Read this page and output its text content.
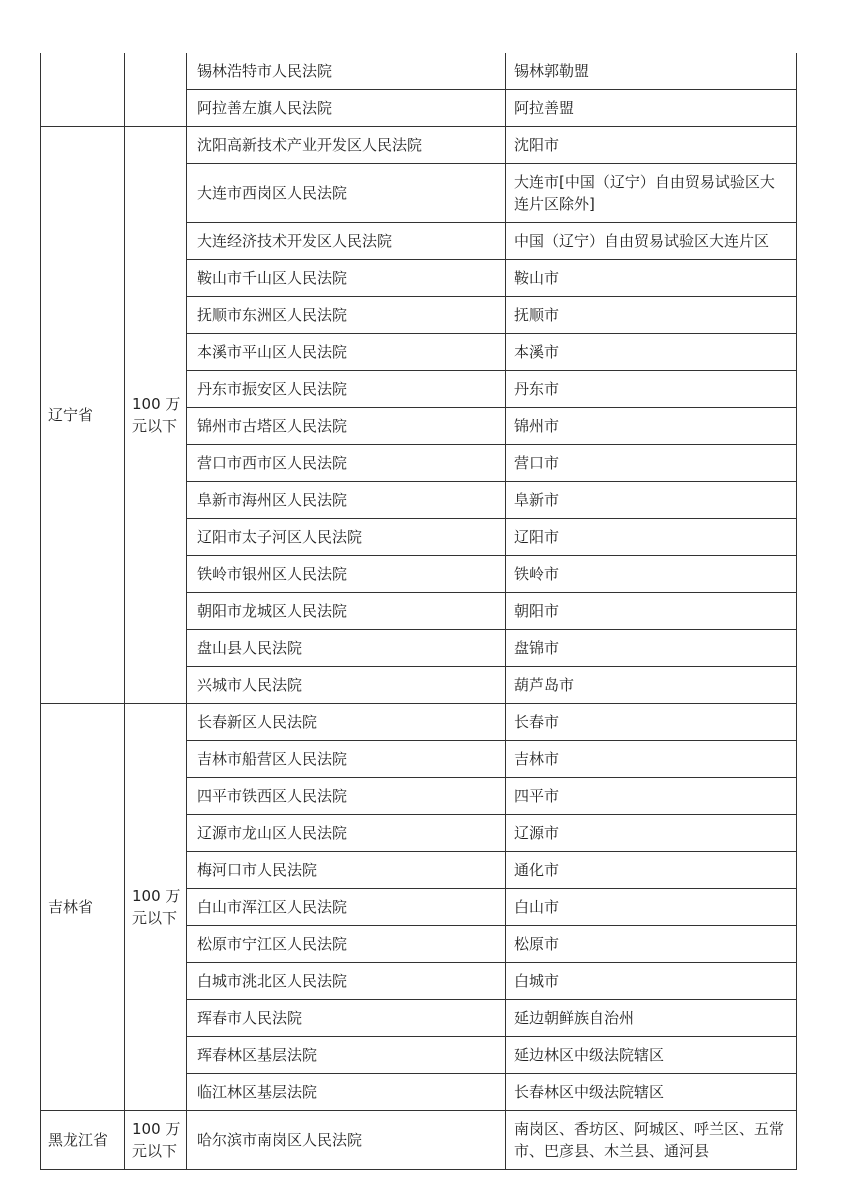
		锡林浩特市人民法院	锡林郭勒盟
		阿拉善左旗人民法院	阿拉善盟
辽宁省	100 万元以下	沈阳高新技术产业开发区人民法院	沈阳市
		大连市西岗区人民法院	大连市[中国（辽宁）自由贸易试验区大连片区除外]
		大连经济技术开发区人民法院	中国（辽宁）自由贸易试验区大连片区
		鞍山市千山区人民法院	鞍山市
		抚顺市东洲区人民法院	抚顺市
		本溪市平山区人民法院	本溪市
		丹东市振安区人民法院	丹东市
		锦州市古塔区人民法院	锦州市
		营口市西市区人民法院	营口市
		阜新市海州区人民法院	阜新市
		辽阳市太子河区人民法院	辽阳市
		铁岭市银州区人民法院	铁岭市
		朝阳市龙城区人民法院	朝阳市
		盘山县人民法院	盘锦市
		兴城市人民法院	葫芦岛市
吉林省	100 万元以下	长春新区人民法院	长春市
		吉林市船营区人民法院	吉林市
		四平市铁西区人民法院	四平市
		辽源市龙山区人民法院	辽源市
		梅河口市人民法院	通化市
		白山市浑江区人民法院	白山市
		松原市宁江区人民法院	松原市
		白城市洮北区人民法院	白城市
		珲春市人民法院	延边朝鲜族自治州
		珲春林区基层法院	延边林区中级法院辖区
		临江林区基层法院	长春林区中级法院辖区
黑龙江省	100 万元以下	哈尔滨市南岗区人民法院	南岗区、香坊区、阿城区、呼兰区、五常市、巴彦县、木兰县、通河县
